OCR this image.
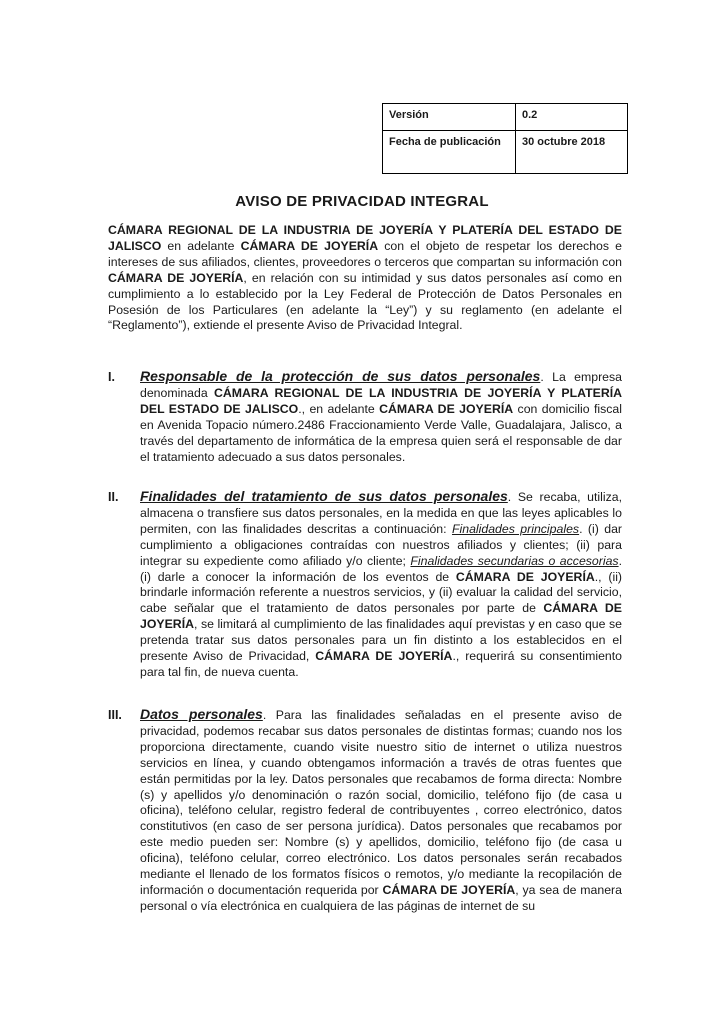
Versión	0.2
Fecha de publicación	30 octubre 2018
AVISO DE PRIVACIDAD INTEGRAL

CÁMARA REGIONAL DE LA INDUSTRIA DE JOYERÍA Y PLATERÍA DEL ESTADO DE JALISCO en adelante CÁMARA DE JOYERÍA con el objeto de respetar los derechos e intereses de sus afiliados, clientes, proveedores o terceros que compartan su información con CÁMARA DE JOYERÍA, en relación con su intimidad y sus datos personales así como en cumplimiento a lo establecido por la Ley Federal de Protección de Datos Personales en Posesión de los Particulares (en adelante la “Ley”) y su reglamento (en adelante el “Reglamento”), extiende el presente Aviso de Privacidad Integral.

I. Responsable de la protección de sus datos personales. La empresa denominada CÁMARA REGIONAL DE LA INDUSTRIA DE JOYERÍA Y PLATERÍA DEL ESTADO DE JALISCO., en adelante CÁMARA DE JOYERÍA con domicilio fiscal en Avenida Topacio número.2486 Fraccionamiento Verde Valle, Guadalajara, Jalisco, a través del departamento de informática de la empresa quien será el responsable de dar el tratamiento adecuado a sus datos personales.
II. Finalidades del tratamiento de sus datos personales. Se recaba, utiliza, almacena o transfiere sus datos personales, en la medida en que las leyes aplicables lo permiten, con las finalidades descritas a continuación: Finalidades principales. (i) dar cumplimiento a obligaciones contraídas con nuestros afiliados y clientes; (ii) para integrar su expediente como afiliado y/o cliente; Finalidades secundarias o accesorias. (i) darle a conocer la información de los eventos de CÁMARA DE JOYERÍA., (ii) brindarle información referente a nuestros servicios, y (ii) evaluar la calidad del servicio, cabe señalar que el tratamiento de datos personales por parte de CÁMARA DE JOYERÍA, se limitará al cumplimiento de las finalidades aquí previstas y en caso que se pretenda tratar sus datos personales para un fin distinto a los establecidos en el presente Aviso de Privacidad, CÁMARA DE JOYERÍA., requerirá su consentimiento para tal fin, de nueva cuenta.
III. Datos personales. Para las finalidades señaladas en el presente aviso de privacidad, podemos recabar sus datos personales de distintas formas; cuando nos los proporciona directamente, cuando visite nuestro sitio de internet o utiliza nuestros servicios en línea, y cuando obtengamos información a través de otras fuentes que están permitidas por la ley. Datos personales que recabamos de forma directa: Nombre (s) y apellidos y/o denominación o razón social, domicilio, teléfono fijo (de casa u oficina), teléfono celular, registro federal de contribuyentes , correo electrónico, datos constitutivos (en caso de ser persona jurídica). Datos personales que recabamos por este medio pueden ser: Nombre (s) y apellidos, domicilio, teléfono fijo (de casa u oficina), teléfono celular, correo electrónico. Los datos personales serán recabados mediante el llenado de los formatos físicos o remotos, y/o mediante la recopilación de información o documentación requerida por CÁMARA DE JOYERÍA, ya sea de manera personal o vía electrónica en cualquiera de las páginas de internet de su
